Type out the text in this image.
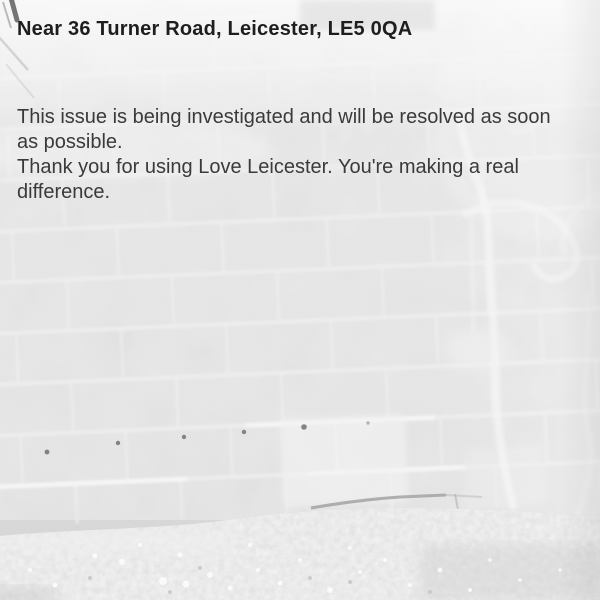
Near 36 Turner Road, Leicester, LE5 0QA
This issue is being investigated and will be resolved as soon as possible.
Thank you for using Love Leicester. You're making a real difference.
